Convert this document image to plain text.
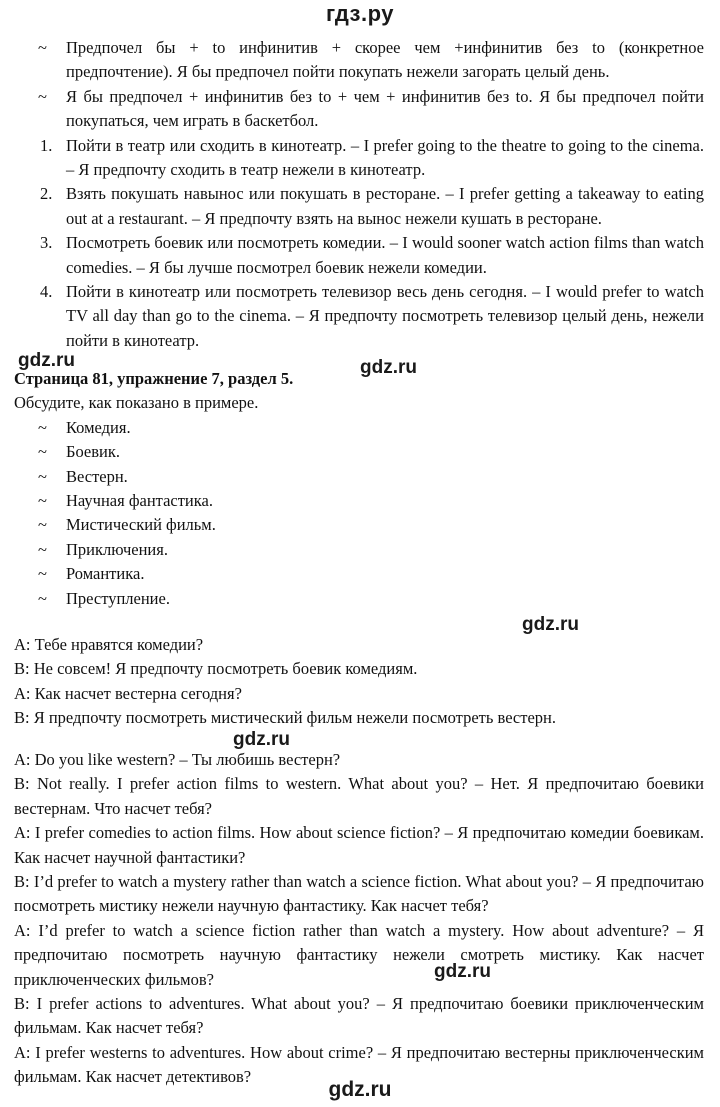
гдз.ру
~ Предпочел бы + to инфинитив + скорее чем +инфинитив без to (конкретное предпочтение). Я бы предпочел пойти покупать нежели загорать целый день.
~ Я бы предпочел + инфинитив без to + чем + инфинитив без to. Я бы предпочел пойти покупаться, чем играть в баскетбол.
1. Пойти в театр или сходить в кинотеатр. – I prefer going to the theatre to going to the cinema. – Я предпочту сходить в театр нежели в кинотеатр.
2. Взять покушать навынос или покушать в ресторане. – I prefer getting a takeaway to eating out at a restaurant. – Я предпочту взять на вынос нежели кушать в ресторане.
3. Посмотреть боевик или посмотреть комедии. – I would sooner watch action films than watch comedies. – Я бы лучше посмотрел боевик нежели комедии.
4. Пойти в кинотеатр или посмотреть телевизор весь день сегодня. – I would prefer to watch TV all day than go to the cinema. – Я предпочту посмотреть телевизор целый день, нежели пойти в кинотеатр.
gdz.ru	gdz.ru
Страница 81, упражнение 7, раздел 5.
Обсудите, как показано в примере.
~ Комедия.
~ Боевик.
~ Вестерн.
~ Научная фантастика.
~ Мистический фильм.
~ Приключения.
~ Романтика.
~ Преступление.
gdz.ru
A: Тебе нравятся комедии?
B: Не совсем! Я предпочту посмотреть боевик комедиям.
A: Как насчет вестерна сегодня?
B: Я предпочту посмотреть мистический фильм нежели посмотреть вестерн.
gdz.ru
A: Do you like western? – Ты любишь вестерн?
B: Not really. I prefer action films to western. What about you? – Нет. Я предпочитаю боевики вестернам. Что насчет тебя?
A: I prefer comedies to action films. How about science fiction? – Я предпочитаю комедии боевикам. Как насчет научной фантастики?
B: I’d prefer to watch a mystery rather than watch a science fiction. What about you? – Я предпочитаю посмотреть мистику нежели научную фантастику. Как насчет тебя?
A: I’d prefer to watch a science fiction rather than watch a mystery. How about adventure? – Я предпочитаю посмотреть научную фантастику нежели смотреть мистику. Как насчет приключенческих фильмов?
B: I prefer actions to adventures. What about you? – Я предпочитаю боевики приключенческим фильмам. Как насчет тебя?
A: I prefer westerns to adventures. How about crime? – Я предпочитаю вестерны приключенческим фильмам. Как насчет детективов?
gdz.ru
gdz.ru
